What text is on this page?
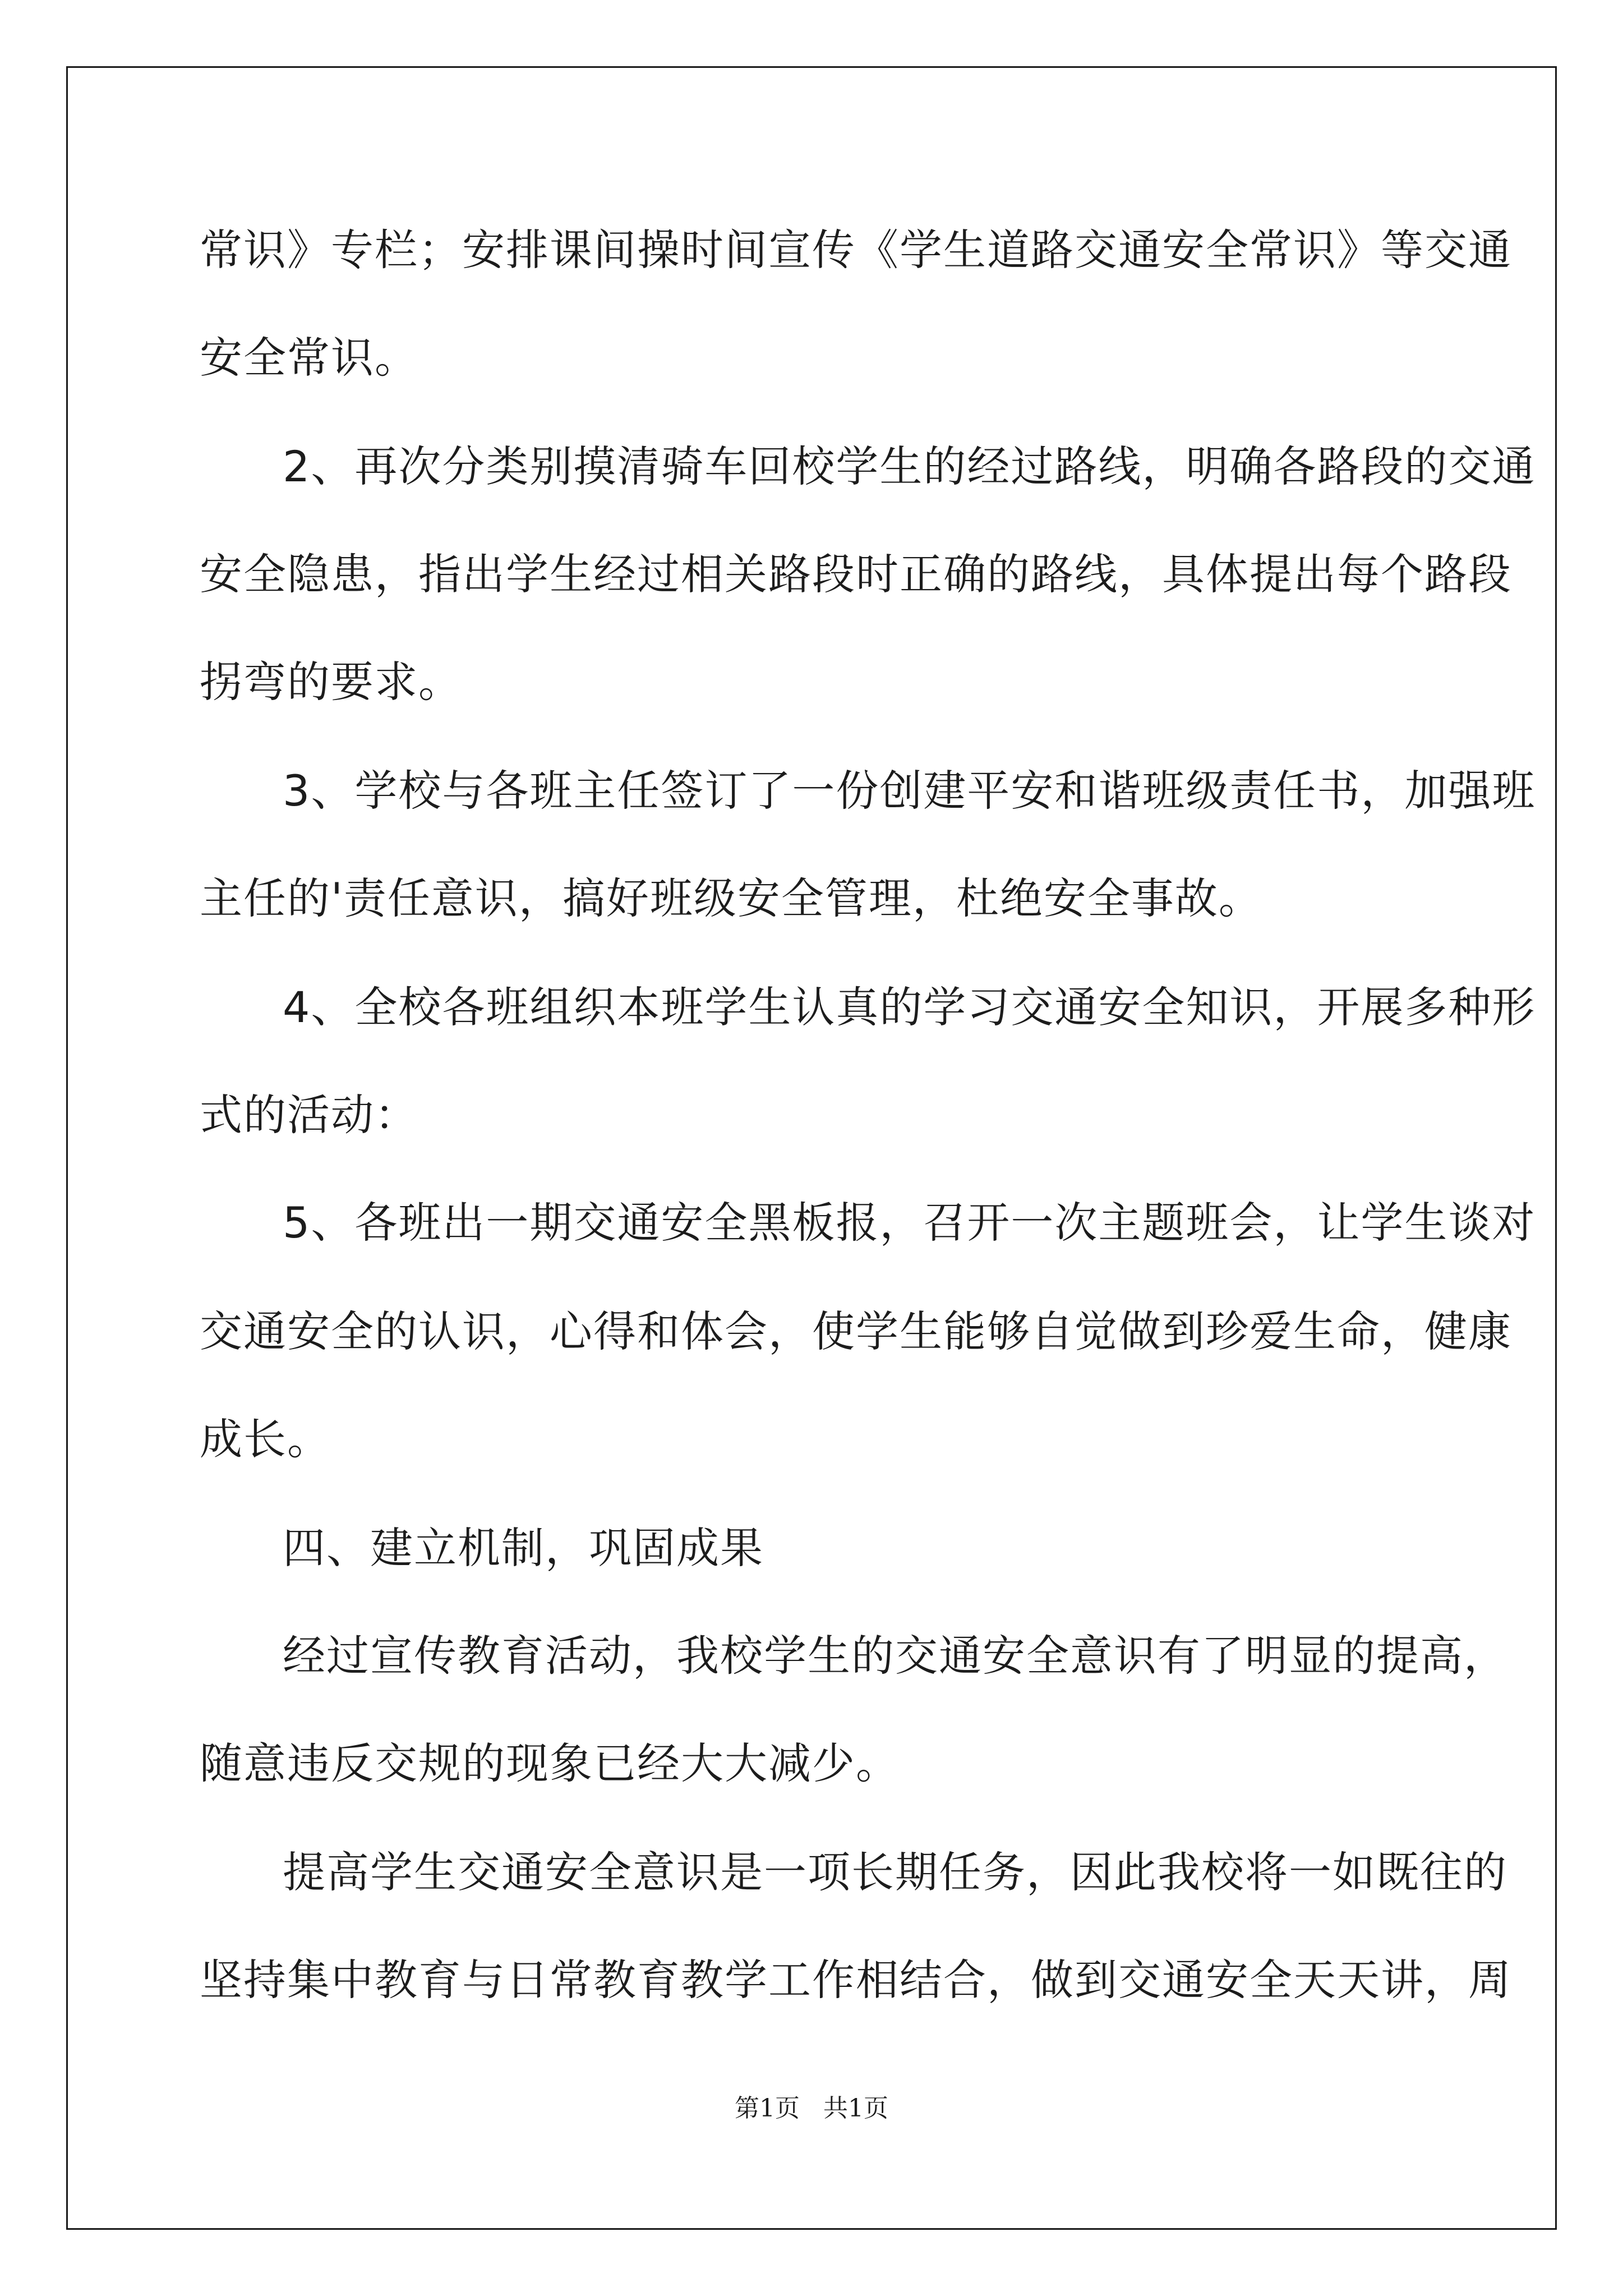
常识》专栏；安排课间操时间宣传《学生道路交通安全常识》等交通
安全常识。
2、再次分类别摸清骑车回校学生的经过路线，明确各路段的交通
安全隐患，指出学生经过相关路段时正确的路线，具体提出每个路段
拐弯的要求。
3、学校与各班主任签订了一份创建平安和谐班级责任书，加强班
主任的'责任意识，搞好班级安全管理，杜绝安全事故。
4、全校各班组织本班学生认真的学习交通安全知识，开展多种形
式的活动：
5、各班出一期交通安全黑板报，召开一次主题班会，让学生谈对
交通安全的认识，心得和体会，使学生能够自觉做到珍爱生命，健康
成长。
四、建立机制，巩固成果
经过宣传教育活动，我校学生的交通安全意识有了明显的提高，
随意违反交规的现象已经大大减少。
提高学生交通安全意识是一项长期任务，因此我校将一如既往的
坚持集中教育与日常教育教学工作相结合，做到交通安全天天讲，周
第1页   共1页
